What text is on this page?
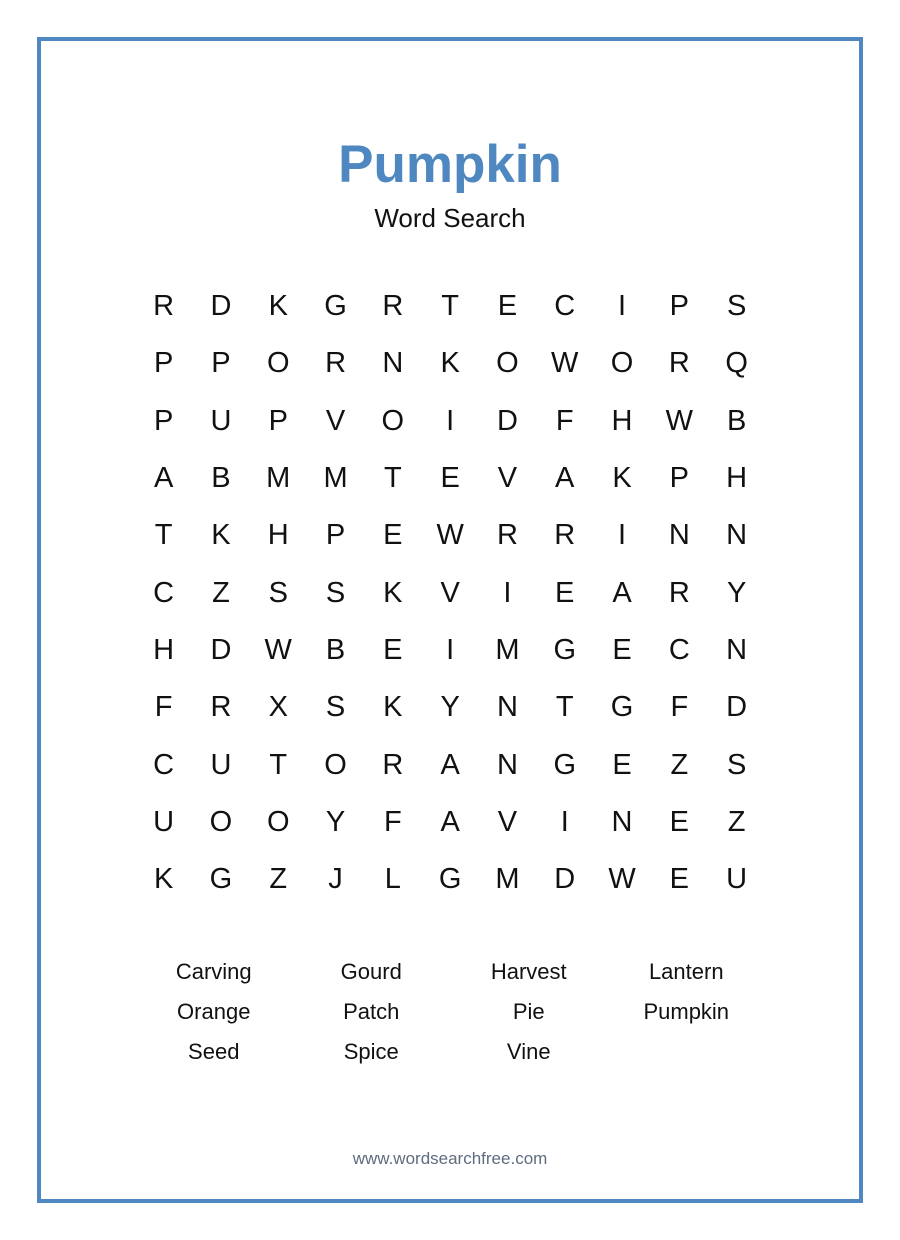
Pumpkin
Word Search
R	D	K	G	R	T	E	C	I	P	S
P	P	O	R	N	K	O	W	O	R	Q
P	U	P	V	O	I	D	F	H	W	B
A	B	M	M	T	E	V	A	K	P	H
T	K	H	P	E	W	R	R	I	N	N
C	Z	S	S	K	V	I	E	A	R	Y
H	D	W	B	E	I	M	G	E	C	N
F	R	X	S	K	Y	N	T	G	F	D
C	U	T	O	R	A	N	G	E	Z	S
U	O	O	Y	F	A	V	I	N	E	Z
K	G	Z	J	L	G	M	D	W	E	U
Carving	Gourd	Harvest	Lantern
Orange	Patch	Pie	Pumpkin
Seed	Spice	Vine
www.wordsearchfree.com
